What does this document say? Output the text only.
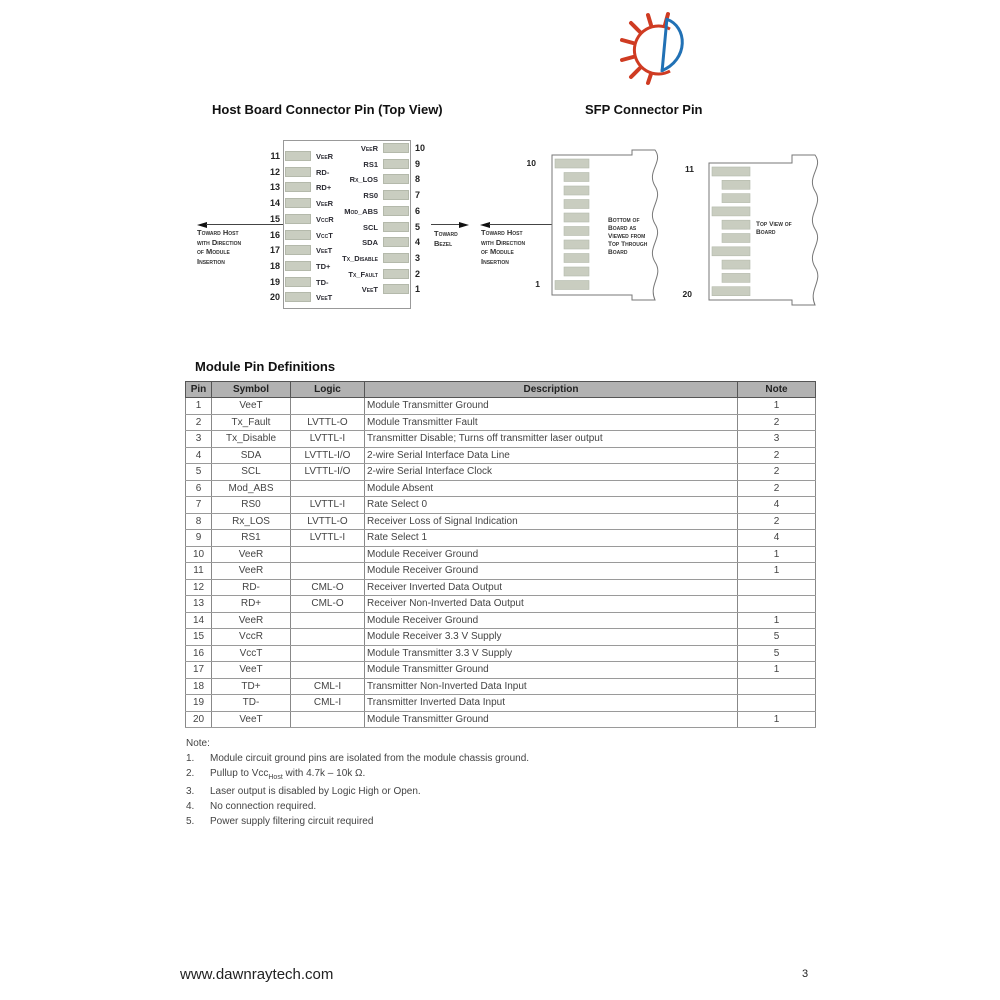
Host Board Connector Pin (Top View)	SFP Connector Pin
11	VeeR
12	RD-
13	RD+
14	VeeR
15	VccR
16	VccT
17	VeeT
18	TD+
19	TD-
20	VeeT
VeeR	10
RS1	9
Rx_LOS	8
RS0	7
Mod_ABS	6
SCL	5
SDA	4
Tx_Disable	3
Tx_Fault	2
VeeT	1
Toward Host
with Direction
of Module
Insertion
Toward
Bezel
Toward Host
with Direction
of Module
Insertion
10
1
Bottom of Board as Viewed from Top Through Board
11
20
Top View of Board
Module Pin Definitions
Pin	Symbol	Logic	Description	Note
1	VeeT		Module Transmitter Ground	1
2	Tx_Fault	LVTTL-O	Module Transmitter Fault	2
3	Tx_Disable	LVTTL-I	Transmitter Disable; Turns off transmitter laser output	3
4	SDA	LVTTL-I/O	2-wire Serial Interface Data Line	2
5	SCL	LVTTL-I/O	2-wire Serial Interface Clock	2
6	Mod_ABS		Module Absent	2
7	RS0	LVTTL-I	Rate Select 0	4
8	Rx_LOS	LVTTL-O	Receiver Loss of Signal Indication	2
9	RS1	LVTTL-I	Rate Select 1	4
10	VeeR		Module Receiver Ground	1
11	VeeR		Module Receiver Ground	1
12	RD-	CML-O	Receiver Inverted Data Output	
13	RD+	CML-O	Receiver Non-Inverted Data Output	
14	VeeR		Module Receiver Ground	1
15	VccR		Module Receiver 3.3 V Supply	5
16	VccT		Module Transmitter 3.3 V Supply	5
17	VeeT		Module Transmitter Ground	1
18	TD+	CML-I	Transmitter Non-Inverted Data Input	
19	TD-	CML-I	Transmitter Inverted Data Input	
20	VeeT		Module Transmitter Ground	1
Note:
1.	Module circuit ground pins are isolated from the module chassis ground.
2.	Pullup to Vcc$_{Host}$ with 4.7k – 10k Ω.
3.	Laser output is disabled by Logic High or Open.
4.	No connection required.
5.	Power supply filtering circuit required
www.dawnraytech.com	3
